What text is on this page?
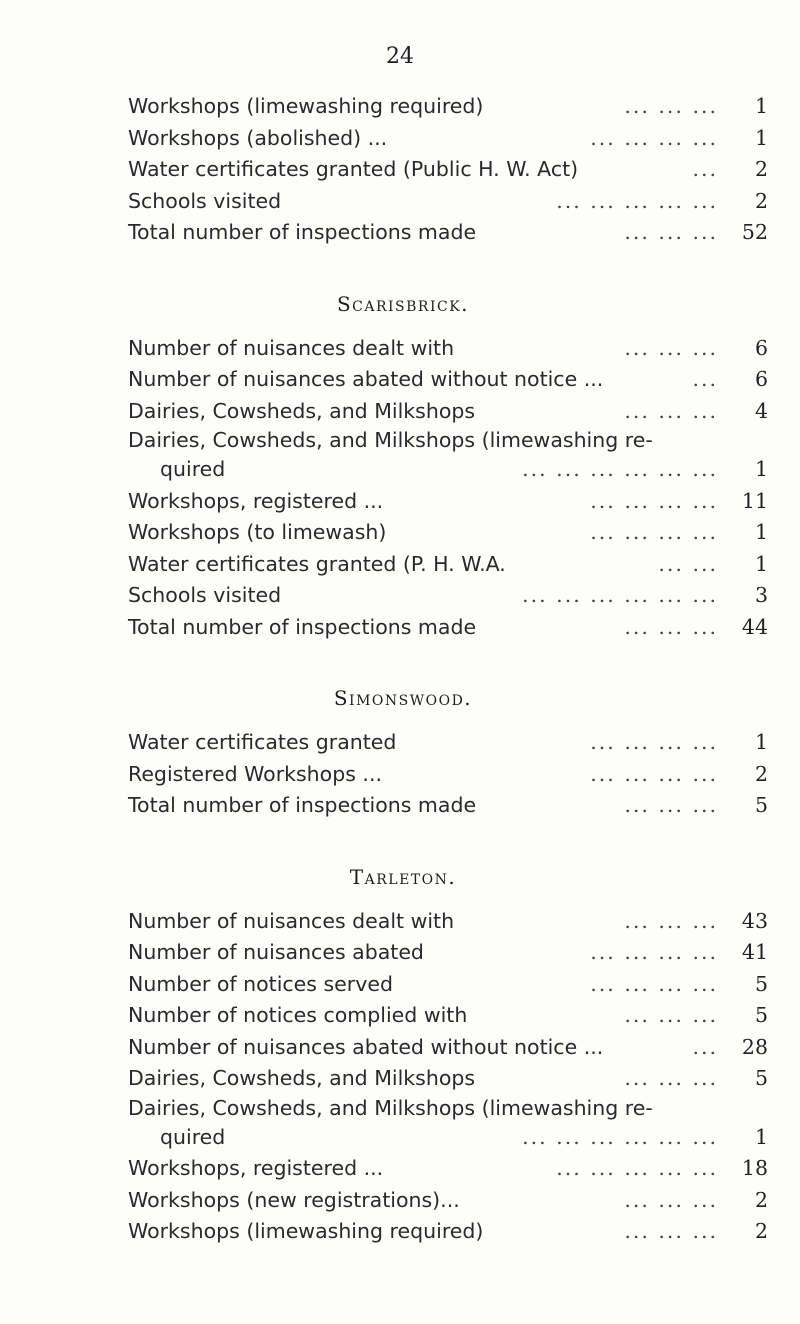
24
... ... ...
Workshops (limewashing required)	1
... ... ... ...
Workshops (abolished) ...	1
...
Water certificates granted (Public H. W. Act)	2
... ... ... ... ...
Schools visited	2
... ... ...
Total number of inspections made	52
Scarisbrick.
... ... ...
Number of nuisances dealt with	6
...
Number of nuisances abated without notice ...	6
... ... ...
Dairies, Cowsheds, and Milkshops	4
Dairies, Cowsheds, and Milkshops (limewashing re-
... ... ... ... ... ...
quired	1
... ... ... ...
Workshops, registered ...	11
... ... ... ...
Workshops (to limewash)	1
... ...
Water certificates granted (P. H. W.A.	1
... ... ... ... ... ...
Schools visited	3
... ... ...
Total number of inspections made	44
Simonswood.
... ... ... ...
Water certificates granted	1
... ... ... ...
Registered Workshops ...	2
... ... ...
Total number of inspections made	5
Tarleton.
... ... ...
Number of nuisances dealt with	43
... ... ... ...
Number of nuisances abated	41
... ... ... ...
Number of notices served	5
... ... ...
Number of notices complied with	5
...
Number of nuisances abated without notice ...	28
... ... ...
Dairies, Cowsheds, and Milkshops	5
Dairies, Cowsheds, and Milkshops (limewashing re-
... ... ... ... ... ...
quired	1
... ... ... ... ...
Workshops, registered ...	18
... ... ...
Workshops (new registrations)...	2
... ... ...
Workshops (limewashing required)	2
